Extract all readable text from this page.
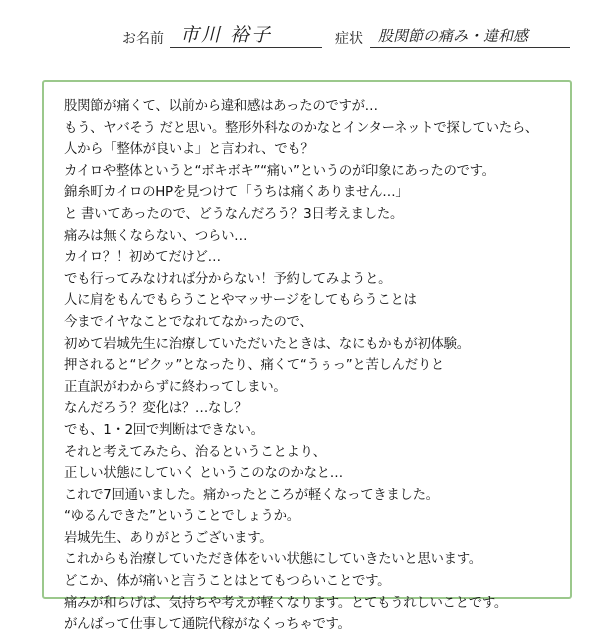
お名前 市川 裕子	症状 股関節の痛み・違和感
股関節が痛くて、以前から違和感はあったのですが…
もう、ヤバそう だと思い。整形外科なのかなとインターネットで探していたら、
人から「整体が良いよ」と言われ、でも？
カイロや整体というと“ボキボキ”“痛い”というのが印象にあったのです。
錦糸町カイロのHPを見つけて「うちは痛くありません…」
と 書いてあったので、どうなんだろう？3日考えました。
痛みは無くならない、つらい…
カイロ？！初めてだけど…
でも行ってみなければ分からない！予約してみようと。
人に肩をもんでもらうことやマッサージをしてもらうことは
今までイヤなことでなれてなかったので、
初めて岩城先生に治療していただいたときは、なにもかもが初体験。
押されると“ビクッ”となったり、痛くて“うぅっ”と苦しんだりと
正直訳がわからずに終わってしまい。
なんだろう？変化は？…なし？
でも、1・2回で判断はできない。
それと考えてみたら、治るということより、
正しい状態にしていく というこのなのかなと…
これで7回通いました。痛かったところが軽くなってきました。
“ゆるんできた”ということでしょうか。
岩城先生、ありがとうございます。
これからも治療していただき体をいい状態にしていきたいと思います。
どこか、体が痛いと言うことはとてもつらいことです。
痛みが和らげば、気持ちや考えが軽くなります。とてもうれしいことです。
がんばって仕事して通院代稼がなくっちゃです。
